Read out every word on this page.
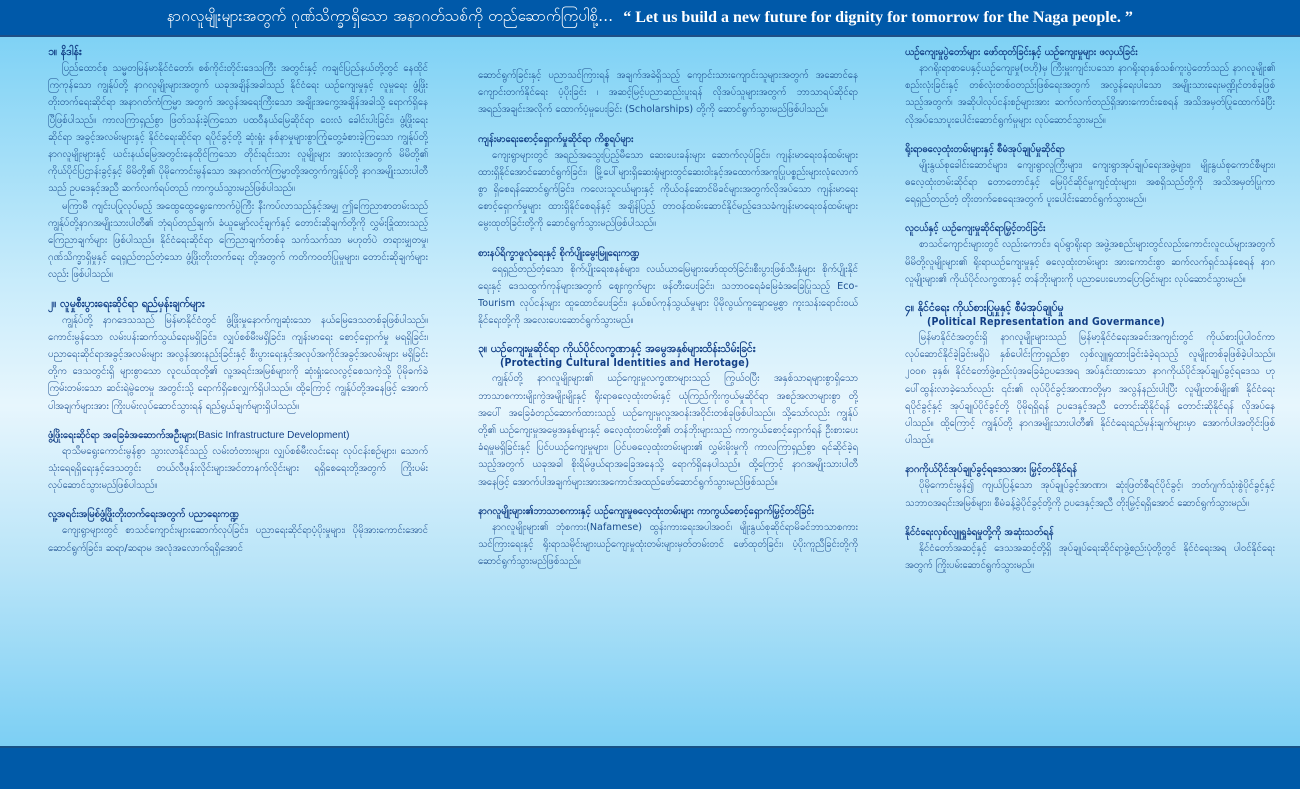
နာဂလူမျိုးများအတွက် ဂုဏ်သိက္ခာရှိသော အနာဂတ်သစ်ကို တည်ဆောက်ကြပါစို့... “ Let us build a new future for dignity for tomorrow for the Naga people. ”
၁။ နိဒါန်း

ပြည်ထောင်စု သမ္မတမြန်မာနိုင်ငံတော်၊ စစ်ကိုင်းတိုင်းဒေသကြီး အတွင်းနှင့် ကချင်ပြည်နယ်တို့တွင် နေထိုင်ကြကုန်သော ကျွန်ုပ်တို့ နာဂလူမျိုးများအတွက် ယခုအချိန်အခါသည် နိုင်ငံရေး ယဉ်ကျေးမှုနှင့် လူမှုရေး ဖွံ့ဖြိုး တိုးတက်ရေးဆိုင်ရာ အနာဂတ်ကံကြမ္မာ အတွက် အလွန်အရေးကြီးသော အချိုးအကွေ့အချိန်အခါသို့ ရောက်ရှိနေပြီဖြစ်ပါသည်။ ကာလကြာရှည်စွာ ဖြတ်သန်းခဲ့ကြသော ပထဝီနယ်မြေဆိုင်ရာ ဝေးလံ ခေါင်းပါးခြင်း၊ ဖွံ့ဖြိုးရေး ဆိုင်ရာ အခွင့်အလမ်းများနှင့် နိုင်ငံရေးဆိုင်ရာ ရပိုင်ခွင့်တို့ ဆုံးရှုံး နစ်နာမှုများစွာကြုံတွေ့ခံစားခဲ့ကြသော ကျွန်ုပ်တို့ နာဂလူမျိုးများနှင့် ယင်းနယ်မြေအတွင်းနေထိုင်ကြသော တိုင်းရင်းသား လူမျိုးများ အားလုံးအတွက် မိမိတို့၏ ကိုယ်ပိုင်ပြဌာန်းခွင့်နှင့် မိမိတို့၏ ပိုမိုကောင်းမွန်သော အနာဂတ်ကံကြမ္မာတို့အတွက်ကျွန်ုပ်တို့ နာဂအမျိုးသားပါတီသည် ဥပဒေနှင့်အညီ ဆက်လက်ရပ်တည် ကာကွယ်သွားမည်ဖြစ်ပါသည်။

မကြာမီ ကျင်းပပြုလုပ်မည့် အထွေထွေရွေးကောက်ပွဲကြီး နီးကပ်လာသည်နှင့်အမျှ ဤကြေညာစာတမ်းသည် ကျွန်ုပ်တို့နာဂအမျိုးသားပါတီ၏ ဘုံရပ်တည်ချက်၊ ခံယူမျှော်လင့်ချက်နှင့် တောင်းဆိုချက်တို့ကို လွှမ်းခြုံထားသည့် ကြေညာချက်များ ဖြစ်ပါသည်။ နိုင်ငံရေးဆိုင်ရာ ကြေညာချက်တစ်ခု သက်သက်သာ မဟုတ်ပဲ တရားမျှတမှု၊ ဂုဏ်သိက္ခာရှိမှုနှင့် ရေရှည်တည်တံ့သော ဖွံ့ဖြိုးတိုးတက်ရေး တို့အတွက် ကတိကဝတ်ပြုမှုများ၊ တောင်းဆိုချက်များလည်း ဖြစ်ပါသည်။

၂။ လူမှုစီးပွားရေးဆိုင်ရာ ရည်မှန်းချက်များ

ကျွန်ုပ်တို့ နာဂဒေသသည် မြန်မာနိုင်ငံတွင် ဖွံ့ဖြိုးမှုနောက်ကျဆုံးသော နယ်မြေဒေသတစ်ခုဖြစ်ပါသည်။ ကောင်းမွန်သော လမ်းပန်းဆက်သွယ်ရေးမရှိခြင်း၊ လျှပ်စစ်မီးမရှိခြင်း၊ ကျန်းမာရေး စောင့်ရှောက်မှု မရရှိခြင်း၊ ပညာရေးဆိုင်ရာအခွင့်အလမ်းများ အလွန်အားနည်းခြင်းနှင့် စီးပွားရေးနှင့်အလုပ်အကိုင်အခွင့်အလမ်းများ မရှိခြင်းတို့က ဒေသတွင်းရှိ များစွာသော လူငယ်ထုတို့၏ လူ့အရင်းအမြစ်များကို ဆုံးရှုံးလေလွင့်စေသကဲ့သို့ ပိုမိုခက်ခဲ ကြမ်းတမ်းသော ဆင်းရဲမွဲတေမှု အတွင်းသို့ ရောက်ရှိစေလျှက်ရှိပါသည်။ ထို့ကြောင့် ကျွန်ုပ်တို့အနေဖြင့် အောက်ပါအချက်များအား ကြိုးပမ်းလုပ်ဆောင်သွားရန် ရည်ရွယ်ချက်များရှိပါသည်။

ဖွံ့ဖြိုးရေးဆိုင်ရာ အခြေခံအဆောက်အဦးများ(Basic Infrastructure Development)

ရာသီမရွေးကောင်းမွန်စွာ သွားလာနိုင်သည့် လမ်းတံတားများ၊ လျှပ်စစ်မီးလင်းရေး လုပ်ငန်းစဉ်များ၊ သောက်သုံးရေရရှိရေးနှင့်ဒေသတွင်း တယ်လီဖုန်းလိုင်းများအင်တာနက်လိုင်းများ ရရှိစေရေးတို့အတွက် ကြိုးပမ်း လုပ်ဆောင်သွားမည်ဖြစ်ပါသည်။

လူ့အရင်းအမြစ်ဖွံ့ဖြိုးတိုးတက်ရေးအတွက် ပညာရေးကဏ္ဍ

ကျေးရွာများတွင် စာသင်ကျောင်းများဆောက်လုပ်ခြင်း၊ ပညာရေးဆိုင်ရာပံ့ပိုးမှုများ၊ ပိုမိုအားကောင်းအောင်ဆောင်ရွက်ခြင်း၊ ဆရာ/ဆရာမ အလုံအလောက်ရရှိအောင်

ဆောင်ရွက်ခြင်းနှင့် ပညာသင်ကြားရန် အချက်အခဲရှိသည့် ကျောင်းသားကျောင်းသူများအတွက် အဆောင်နေကျောင်းတက်နိုင်ရေး ပံ့ပိုးခြင်း ၊ အဆင့်မြင့်ပညာဆည်းပူးရန် လိုအပ်သူများအတွက် ဘာသာရပ်ဆိုင်ရာ အရည်အချင်းအလိုက် ထောက်ပံ့မှုပေးခြင်း (Scholarships) တို့ကို ဆောင်ရွက်သွားမည်ဖြစ်ပါသည်။

ကျန်းမာရေးစောင့်ရှောက်မှုဆိုင်ရာ ကိစ္စရပ်များ

ကျေးရွာများတွင် အရည်အသွေးပြည့်မီသော ဆေးပေးခန်းများ ဆောက်လုပ်ခြင်း၊ ကျန်းမာရေးဝန်ထမ်းများ ထားရှိနိုင်အောင်ဆောင်ရွက်ခြင်း၊ မြို့ပေါ်များရှိဆေးရုံများတွင်ဆေးဝါးနှင့်အထောက်အကူပြုပစ္စည်းများလုံလောက်စွာ ရှိစေရန်ဆောင်ရွက်ခြင်း၊ ကလေးသူငယ်များနှင့် ကိုယ်ဝန်ဆောင်မိခင်များအတွက်လိုအပ်သော ကျန်းမာရေး စောင့်ရှောက်မှုများ ထားရှိနိုင်စေရန်နှင့် အချိန်ပြည့် တာဝန်ထမ်းဆောင်နိုင်မည့်ဒေသခံကျန်းမာရေးဝန်ထမ်းများ မွေးထုတ်ခြင်းတို့ကို ဆောင်ရွက်သွားမည်ဖြစ်ပါသည်။

စားနပ်ရိက္ခာဖူလုံရေးနှင့် စိုက်ပျိုးမွေးမြူရေးကဏ္ဍ

ရေရှည်တည်တံ့သော စိုက်ပျိုးရေးစနစ်များ၊ လယ်ယာမြေများဖော်ထုတ်ခြင်း၊စီးပွားဖြစ်သီးနှံများ စိုက်ပျိုးနိုင်ရေးနှင့် ဒေသထွက်ကုန်များအတွက် ဈေးကွက်များ ဖန်တီးပေးခြင်း၊ သဘာဝရေခံမြေခံအခြေပြုသည့် Eco-Tourism လုပ်ငန်းများ ထူထောင်ပေးခြင်း၊ နယ်စပ်ကုန်သွယ်မှုများ ပိုမိုလွယ်ကူချောမွေ့စွာ ကူးသန်းရောင်းဝယ်နိုင်ရေးတို့ကို အလေးပေးဆောင်ရွက်သွားမည်။

၃။ ယဉ်ကျေးမှုဆိုင်ရာ ကိုယ်ပိုင်လက္ခဏာနှင့် အမွေအနှစ်များထိန်းသိမ်းခြင်း
(Protecting Cultural Identities and Herotage)

ကျွန်ုပ်တို့ နာဂလူမျိုးများ၏ ယဉ်ကျေးမှုလက္ခဏာများသည် ကြွယ်ဝပြီး အနှစ်သာရများစွာရှိသော ဘာသာစကားမျိုးကွဲအမျိုးမျိုးနှင့် ရိုးရာဓလေ့ထုံးတမ်းနှင့် ယုံကြည်ကိုးကွယ်မှုဆိုင်ရာ အစဉ်အလာများစွာ တို့အပေါ် အခြေခံတည်ဆောက်ထားသည့် ယဉ်ကျေးမှုလူ့အဝန်းအဝိုင်းတစ်ခုဖြစ်ပါသည်။ သို့သော်လည်း ကျွန်ုပ်တို့၏ ယဉ်ကျေးမှုအမွေအနှစ်များနှင့် ဓလေ့ထုံးတမ်းတို့၏ တန်ဘိုးများသည် ကာကွယ်စောင့်ရှောက်ရန် ဦးစားပေးခံရမှုမရှိခြင်းနှင့် ပြင်ပယဉ်ကျေးမှုများ၊ ပြင်ပဓလေ့ထုံးတမ်းများ၏ လွှမ်းမိုးမှုကို ကာလကြာရှည်စွာ ရင်ဆိုင်ခဲ့ရသည့်အတွက် ယခုအခါ စိုးရိမ်ဖွယ်ရာအခြေအနေသို့ ရောက်ရှိနေပါသည်။ ထို့ကြောင့် နာဂအမျိုးသားပါတီအနေဖြင့် အောက်ပါအချက်များအားအကောင်အထည်ဖော်ဆောင်ရွက်သွားမည်ဖြစ်သည်။

နာဂလူမျိုးများ၏ဘာသာစကားနှင့် ယဉ်ကျေးမှုဓလေ့ထုံးတမ်းများ ကာကွယ်စောင့်ရှောက်မြှင့်တင်ခြင်း

နာဂလူမျိုးများ၏ ဘုံစကား(Nafamese) ထွန်းကားရေးအပါအဝင်၊ မျိုးနွယ်စုဆိုင်ရာမိခင်ဘာသာစကားသင်ကြားရေးနှင့် ရိုးရာသမိုင်းများယဉ်ကျေးမှုထုံးတမ်းများမှတ်တမ်းတင် ဖော်ထုတ်ခြင်း၊ ပံ့ပိုးကူညီခြင်းတို့ကို ဆောင်ရွက်သွားမည်ဖြစ်သည်။

ယဉ်ကျေးမှုပွဲတော်များ ဖော်ထုတ်ခြင်းနှင့် ယဉ်ကျေးမှုများ ဖလှယ်ခြင်း

နာဂရိုးရာစာပေနှင့်ယဉ်ကျေးမှု(ဗဟို)မှ ကြီးမှူးကျင်းပသော နာဂရိုးရာနှစ်သစ်ကူးပွဲတော်သည် နာဂလူမျိုး၏ စည်းလုံးခြင်းနှင့် တစ်လုံးတစ်ဝတည်းဖြစ်ရေးအတွက် အလွန်ရေးပါသော အမျိုးသားရေးမဏ္ဍိုင်တစ်ခုဖြစ်သည့်အတွက်၊ အဆိုပါလုပ်ငန်းစဉ်များအား ဆက်လက်တည်ရှိအားကောင်းစေရန် အသိအမှတ်ပြုထောက်ခံပြီးလိုအပ်သောပူးပေါင်းဆောင်ရွက်မှုများ လုပ်ဆောင်သွားမည်။

ရိုးရာဓလေ့ထုံးတမ်းများနှင့် စီမံအုပ်ချုပ်မှုဆိုင်ရာ

မျိုးနွယ်စုခေါင်းဆောင်များ၊ ကျေးရွာလူကြီးများ၊ ကျေးရွာအုပ်ချုပ်ရေးအဖွဲ့များ၊ မျိုးနွယ်စုကောင်စီများ၊ ဓလေ့ထုံးတမ်းဆိုင်ရာ တောတောင်နှင့် မြေပိုင်ဆိုင်မှုကျင့်ထုံးများ၊ အစရှိသည်တို့ကို အသိအမှတ်ပြုကာ ရေရှည်တည်တံ့ တိုးတက်စေရေးအတွက် ပူးပေါင်းဆောင်ရွက်သွားမည်။

လူငယ်နှင့် ယဉ်ကျေးမှုဆိုင်ရာမြှင့်တင်ခြင်း

စာသင်ကျောင်းများတွင် လည်းကောင်း၊ ရပ်ရွာရိုးရာ အဖွဲ့အစည်းများတွင်လည်းကောင်းလူငယ်များအတွက် မိမိတို့လူမျိုးများ၏ ရိုးရာယဉ်ကျေးမှုနှင့် ဓလေ့ထုံးတမ်းများ အားကောင်းစွာ ဆက်လက်ရှင်သန်စေရန် နာဂလူမျိုးများ၏ ကိုယ်ပိုင်လက္ခဏာနှင့် တန်ဘိုးများကို ပညာပေးဟောပြောခြင်းများ လုပ်ဆောင်သွားမည်။

၄။ နိုင်ငံရေး ကိုယ်စားပြုမှုနှင့် စီမံအုပ်ချုပ်မှု
(Political Representation and Govermance)

မြန်မာနိုင်ငံအတွင်းရှိ နာဂလူမျိုးများသည် မြန်မာ့နိုင်ငံရေးအခင်းအကျင်းတွင် ကိုယ်စားပြုပါဝင်ကာ လုပ်ဆောင်နိုင်ခဲ့ခြင်းမရှိပဲ နှစ်ပေါင်းကြာရှည်စွာ လှစ်လျူရှုထားခြင်းခံခဲ့ရသည့် လူမျိုးတစ်ခုဖြစ်ခဲ့ပါသည်။ ၂၀၀၈ ခုနှစ်၊ နိုင်ငံတော်ဖွဲ့စည်းပုံအခြေခံဥပဒေအရ အပ်နှင်းထားသော နာဂကိုယ်ပိုင်အုပ်ချုပ်ခွင့်ရဒေသ ဟု ပေါ်ထွန်းလာခဲ့သော်လည်း ၎င်း၏ လုပ်ပိုင်ခွင့်အာဏာတို့မှာ အလွန်နည်းပါးပြီး လူမျိုးတစ်မျိုး၏ နိုင်ငံရေးရပိုင်ခွင့်နှင့် အုပ်ချုပ်ပိုင်ခွင့်တို့ ပိုမိုရရှိရန် ဥပဒေနှင့်အညီ တောင်းဆိုနိုင်ရန် တောင်းဆိုနိုင်ရန် လိုအပ်နေပါသည်။ ထို့ကြောင့် ကျွန်ုပ်တို့ နာဂအမျိုးသားပါတီ၏ နိုင်ငံရေးရည်မှန်းချက်များမှာ အောက်ပါအတိုင်းဖြစ်ပါသည်။

နာဂကိုယ်ပိုင်အုပ်ချုပ်ခွင့်ရဒေသအား မြှင့်တင်နိုင်ရန်

ပိုမိုကောင်းမွန်၍ ကျယ်ပြန့်သော အုပ်ချုပ်ခွင့်အာဏာ၊ ဆုံးဖြတ်စီရင်ပိုင်ခွင့်၊ ဘတ်ဂျက်သုံးစွဲပိုင်ခွင့်နှင့် သဘာဝအရင်းအမြစ်များ၊ စီမံခန့်ခွဲပိုင်ခွင့်တို့ကို ဥပဒေနှင့်အညီ တိုးမြှင့်ရရှိအောင် ဆောင်ရွက်သွားမည်။

နိုင်ငံရေးလှစ်လျူရှုခံရမှုတို့ကို အဆုံးသတ်ရန်

နိုင်ငံတော်အဆင့်နှင့် ဒေသအဆင့်တို့ရှိ အုပ်ချုပ်ရေးဆိုင်ရာဖွဲ့စည်းပုံတို့တွင် နိုင်ငံရေးအရ ပါဝင်နိုင်ရေးအတွက် ကြိုးပမ်းဆောင်ရွက်သွားမည်။
